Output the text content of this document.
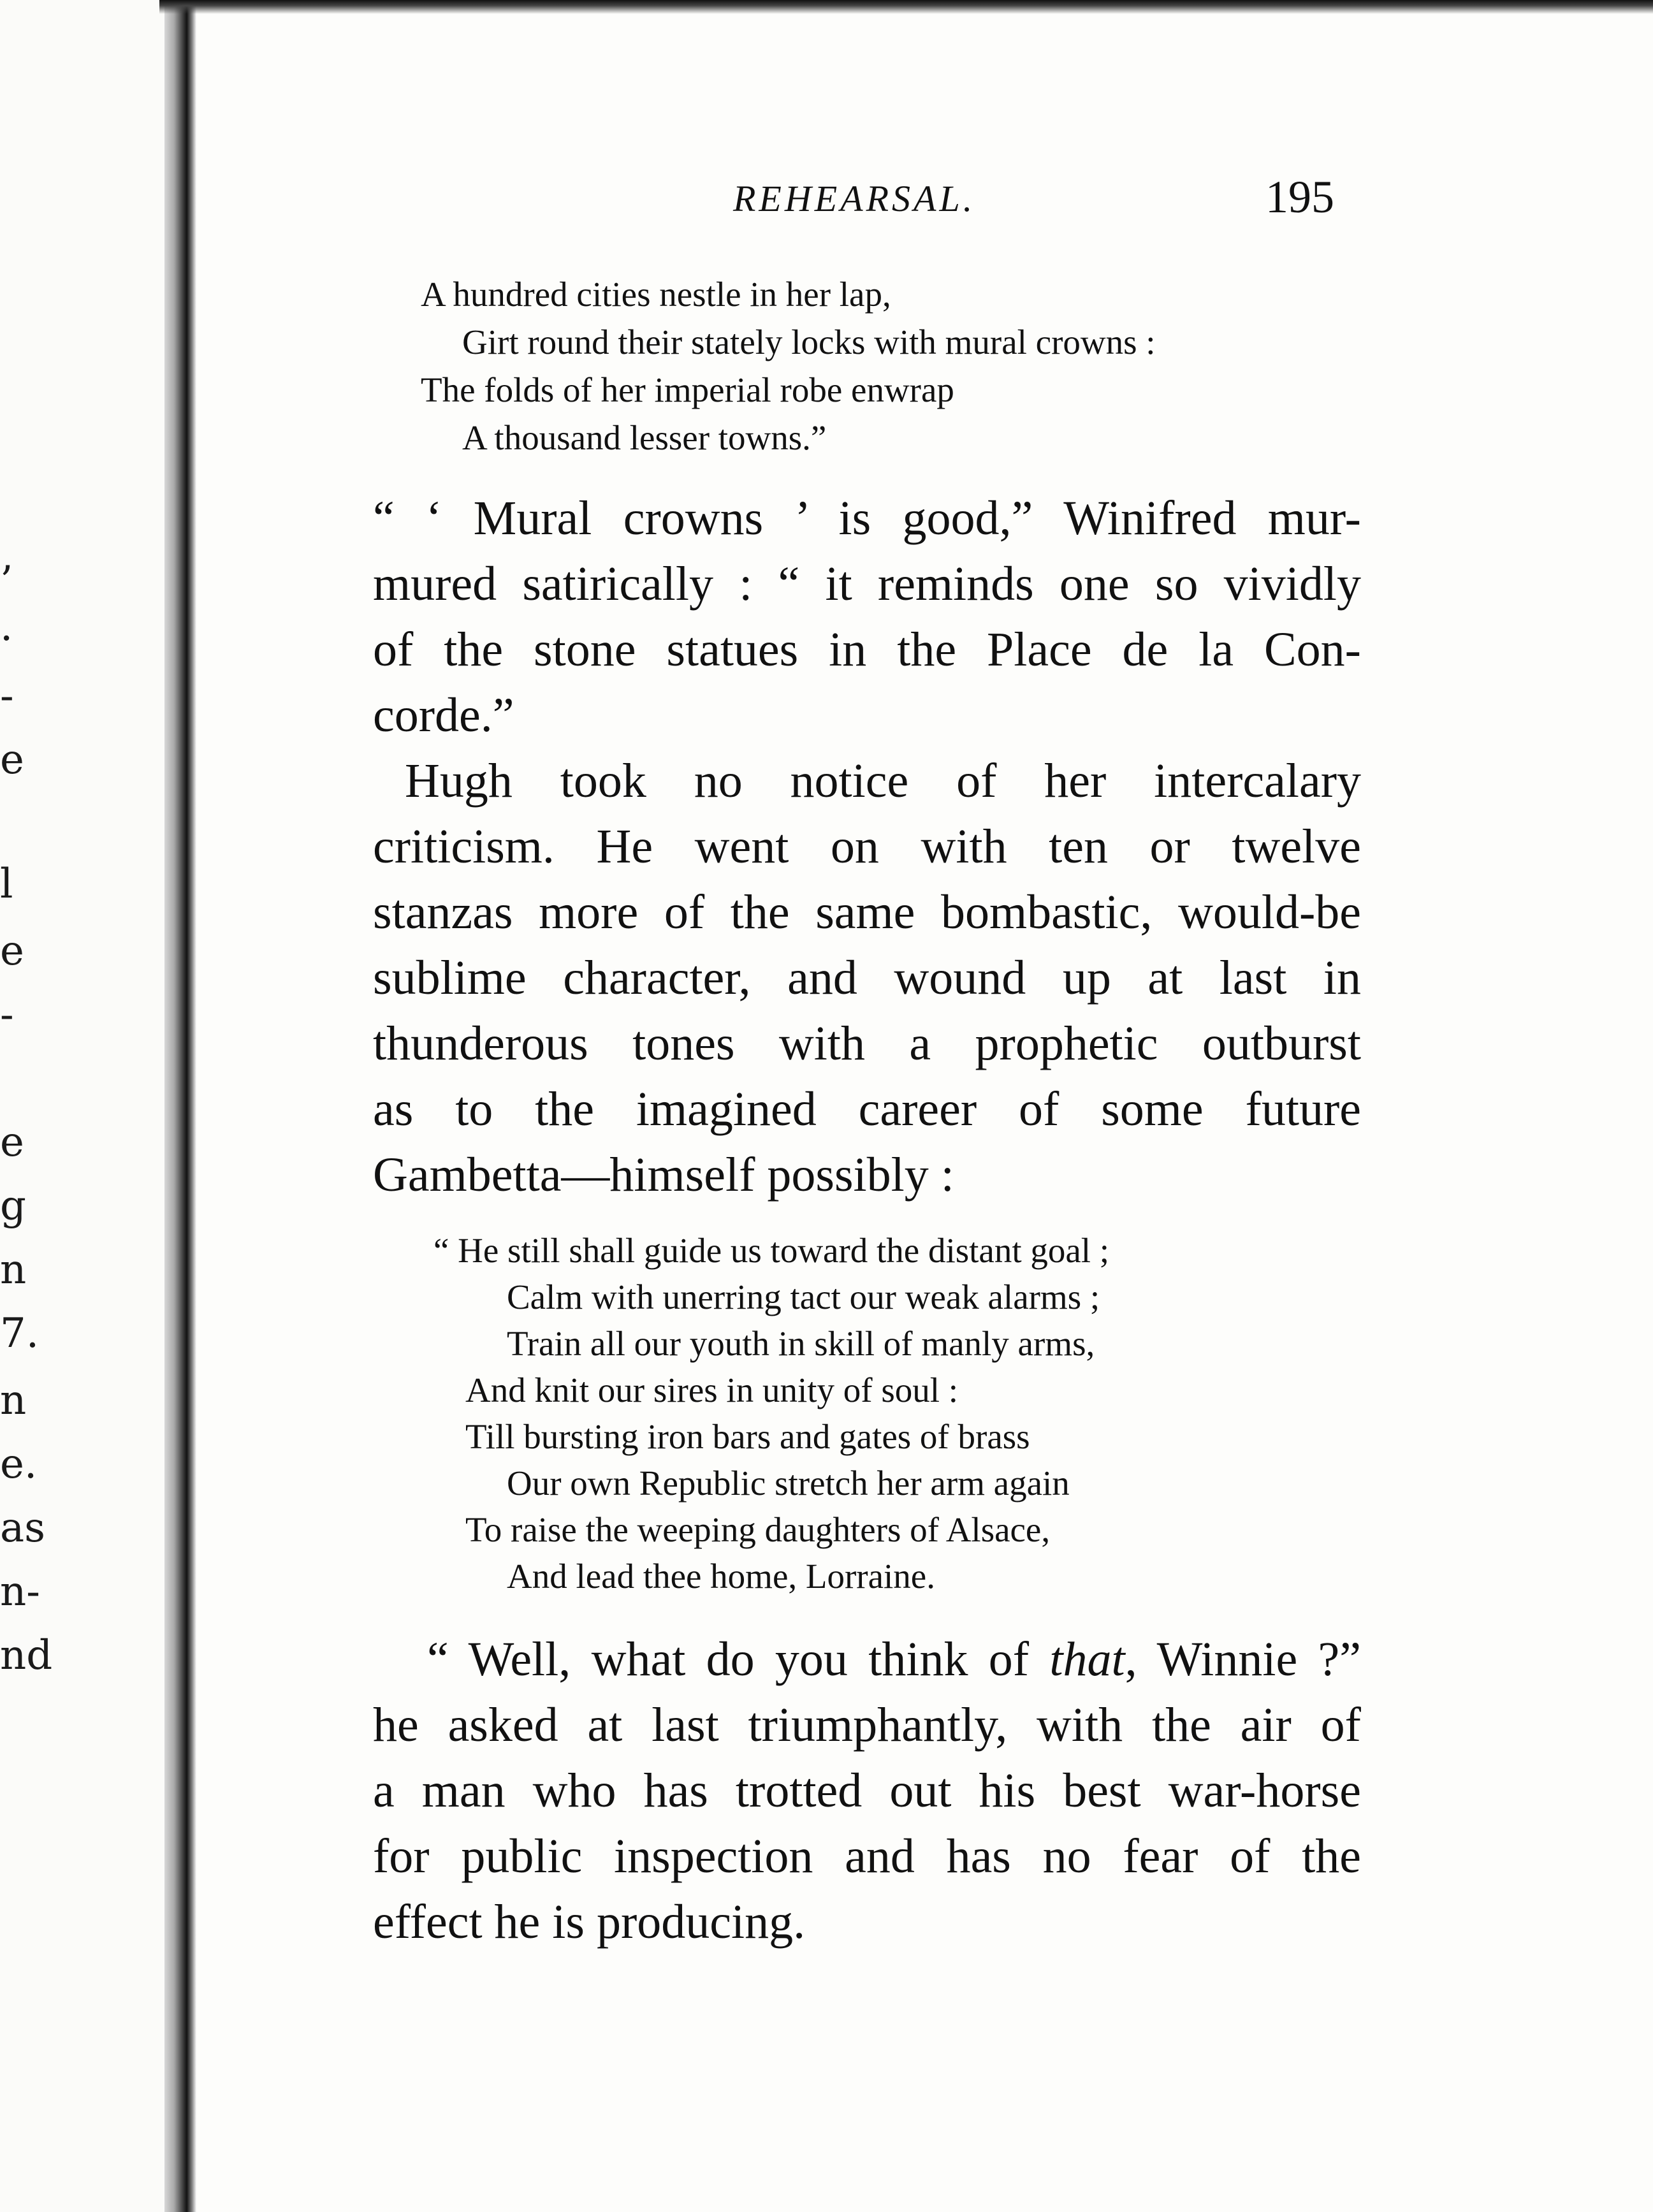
’
·
-
e
l
e
-
e
g
n
7.
n
e.
as
n-
nd
REHEARSAL.	195

A hundred cities nestle in her lap,

Girt round their stately locks with mural crowns :

The folds of her imperial robe enwrap

A thousand lesser towns.”

“ ‘ Mural crowns ’ is good,” Winifred mur-
mured satirically : “ it reminds one so vividly
of the stone statues in the Place de la Con-
corde.”
Hugh took no notice of her intercalary
criticism. He went on with ten or twelve
stanzas more of the same bombastic, would-be
sublime character, and wound up at last in
thunderous tones with a prophetic outburst
as to the imagined career of some future
Gambetta—himself possibly :

“ He still shall guide us toward the distant goal ;

Calm with unerring tact our weak alarms ;

Train all our youth in skill of manly arms,

And knit our sires in unity of soul :

Till bursting iron bars and gates of brass

Our own Republic stretch her arm again

To raise the weeping daughters of Alsace,

And lead thee home, Lorraine.

“ Well, what do you think of that, Winnie ?”
he asked at last triumphantly, with the air of
a man who has trotted out his best war-horse
for public inspection and has no fear of the
effect he is producing.
